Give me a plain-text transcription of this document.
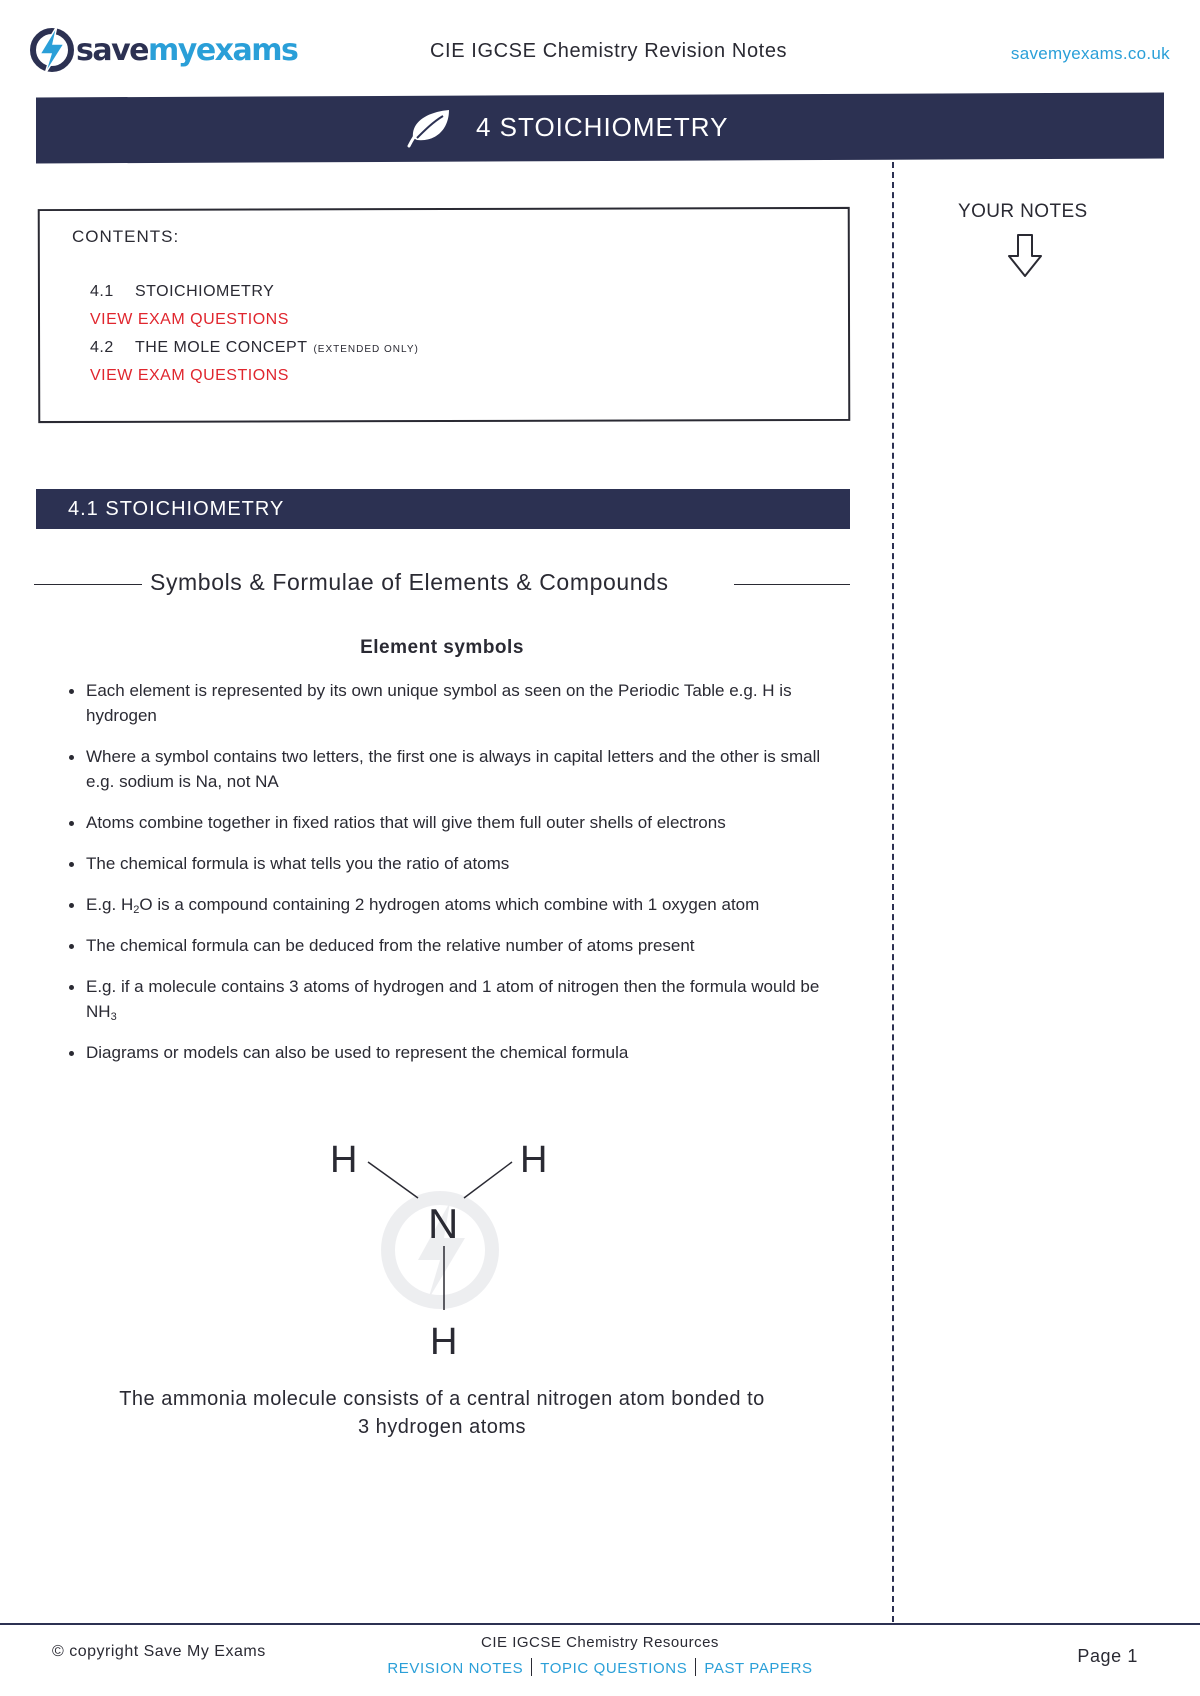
savemyexams	CIE IGCSE Chemistry Revision Notes	savemyexams.co.uk
4 STOICHIOMETRY
YOUR NOTES
CONTENTS:
4.1 STOICHIOMETRY
VIEW EXAM QUESTIONS
4.2 THE MOLE CONCEPT (EXTENDED ONLY)
VIEW EXAM QUESTIONS
4.1 STOICHIOMETRY
Symbols & Formulae of Elements & Compounds
Element symbols
Each element is represented by its own unique symbol as seen on the Periodic Table e.g. H is hydrogen
Where a symbol contains two letters, the first one is always in capital letters and the other is small e.g. sodium is Na, not NA
Atoms combine together in fixed ratios that will give them full outer shells of electrons
The chemical formula is what tells you the ratio of atoms
E.g. $H_2O$ is a compound containing 2 hydrogen atoms which combine with 1 oxygen atom
The chemical formula can be deduced from the relative number of atoms present
E.g. if a molecule contains 3 atoms of hydrogen and 1 atom of nitrogen then the formula would be $NH_3$
Diagrams or models can also be used to represent the chemical formula
H	H
N
H
The ammonia molecule consists of a central nitrogen atom bonded to
3 hydrogen atoms
© copyright Save My Exams
CIE IGCSE Chemistry Resources
REVISION NOTES TOPIC QUESTIONS PAST PAPERS
Page 1
